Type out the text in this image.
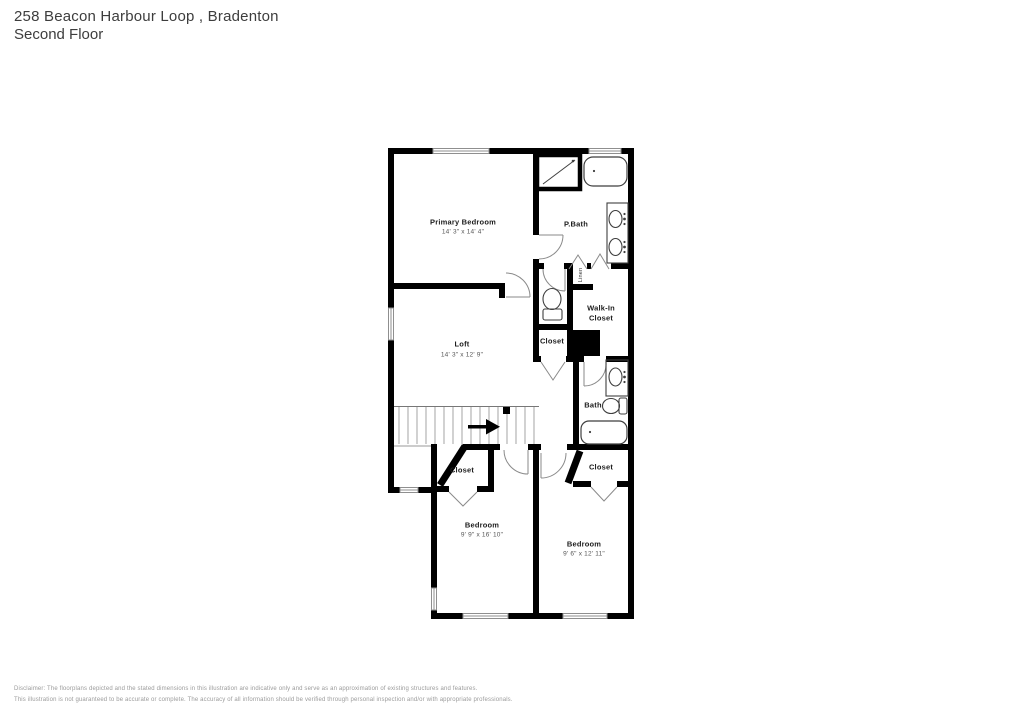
258 Beacon Harbour Loop , Bradenton
Second Floor
Primary Bedroom
14' 3" x 14' 4"
P.Bath
Walk-In
Closet
Linen
Closet
Loft
14' 3" x 12' 9"
Bath
Closet
Closet
Bedroom
9' 9" x 16' 10"
Bedroom
9' 6" x 12' 11"
Disclaimer: The floorplans depicted and the stated dimensions in this illustration are indicative only and serve as an approximation of existing structures and features.
This illustration is not guaranteed to be accurate or complete. The accuracy of all information should be verified through personal inspection and/or with appropriate professionals.
